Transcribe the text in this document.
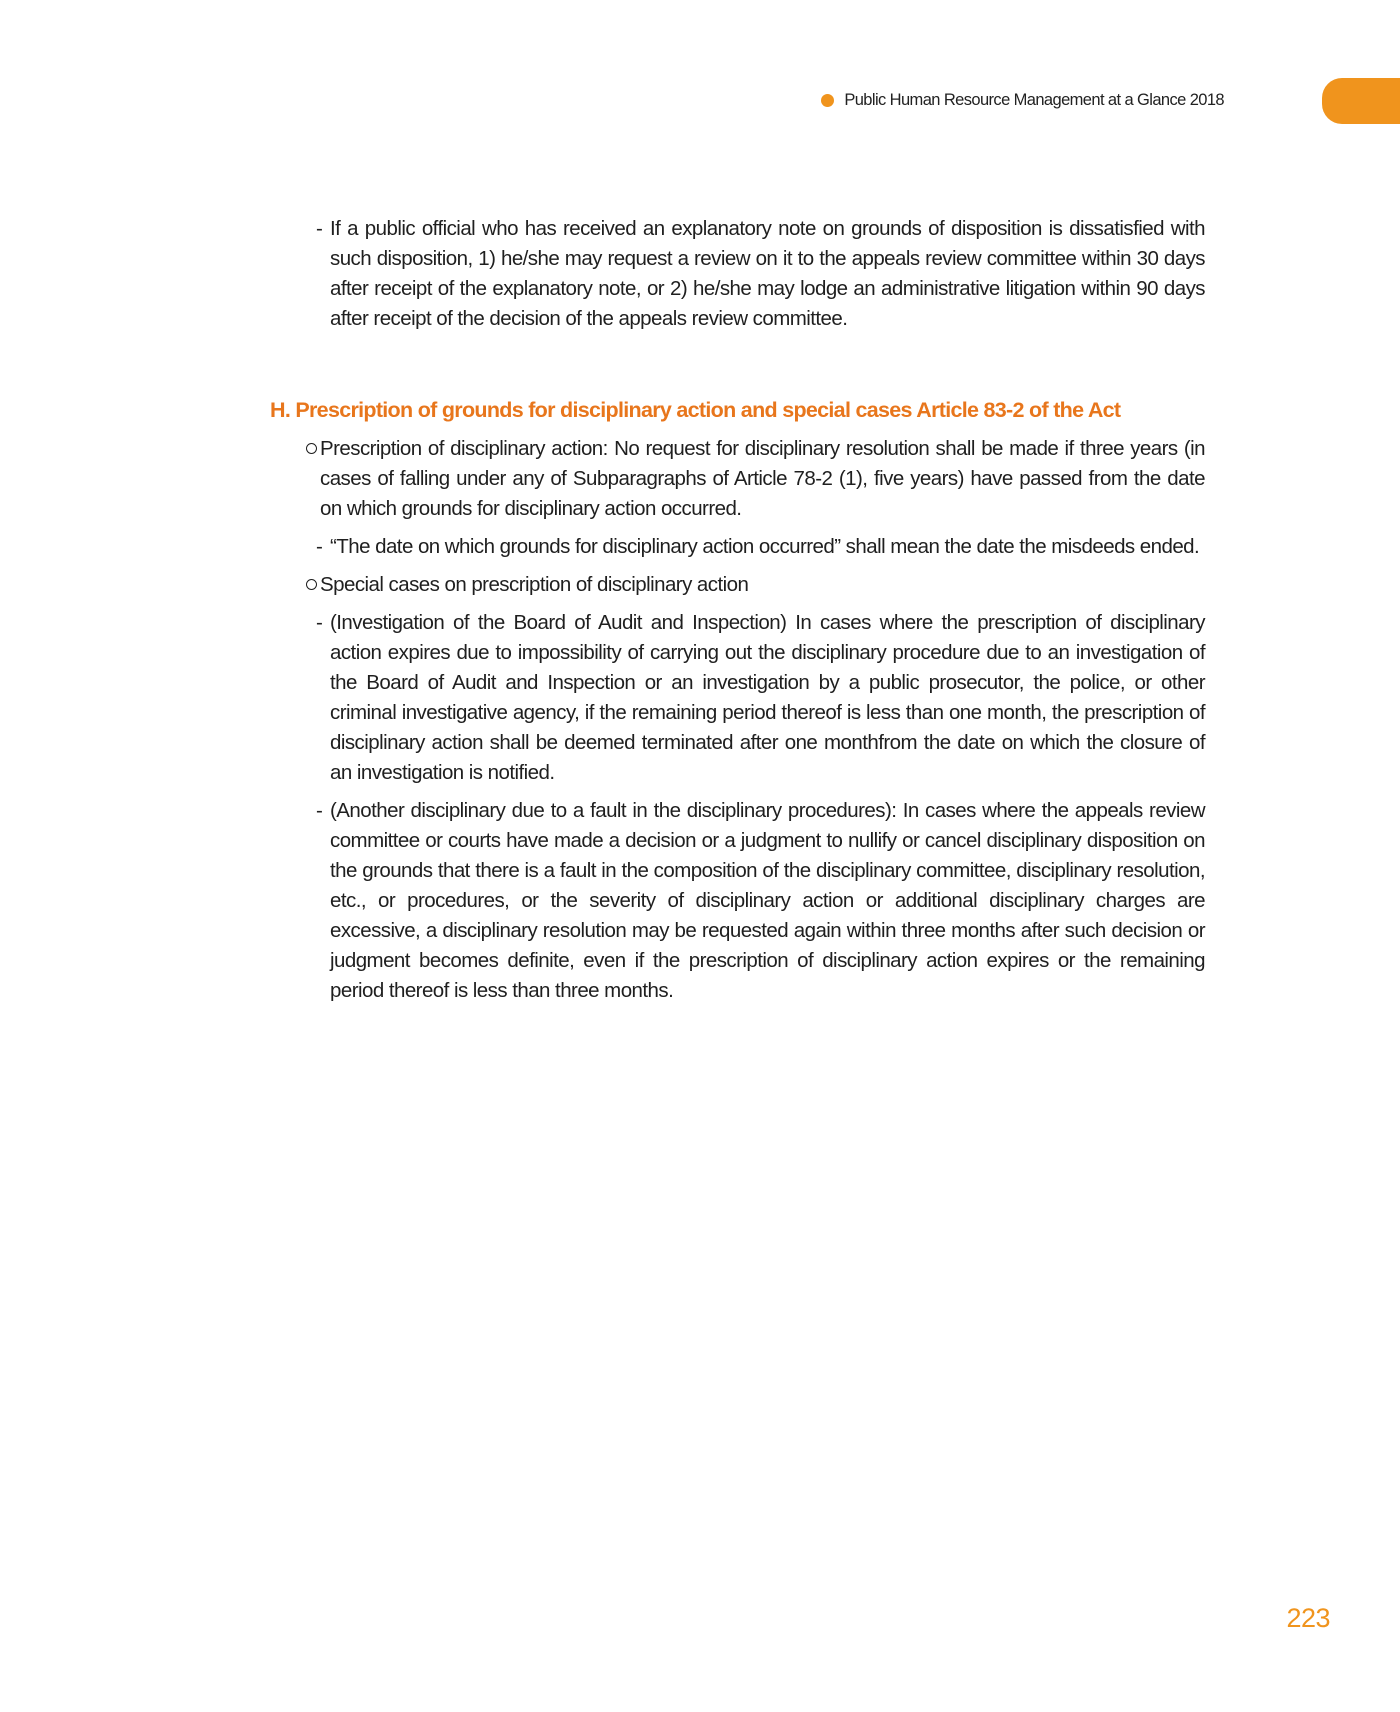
Public Human Resource Management at a Glance 2018

- If a public official who has received an explanatory note on grounds of disposition is dissatisfied with such disposition, 1) he/she may request a review on it to the appeals review committee within 30 days after receipt of the explanatory note, or 2) he/she may lodge an administrative litigation within 90 days after receipt of the decision of the appeals review committee.

H. Prescription of grounds for disciplinary action and special cases Article 83-2 of the Act

Prescription of disciplinary action: No request for disciplinary resolution shall be made if three years (in cases of falling under any of Subparagraphs of Article 78-2 (1), five years) have passed from the date on which grounds for disciplinary action occurred.

- “The date on which grounds for disciplinary action occurred” shall mean the date the misdeeds ended.

Special cases on prescription of disciplinary action

- (Investigation of the Board of Audit and Inspection) In cases where the prescription of disciplinary action expires due to impossibility of carrying out the disciplinary procedure due to an investigation of the Board of Audit and Inspection or an investigation by a public prosecutor, the police, or other criminal investigative agency, if the remaining period thereof is less than one month, the prescription of disciplinary action shall be deemed terminated after one monthfrom the date on which the closure of an investigation is notified.

- (Another disciplinary due to a fault in the disciplinary procedures): In cases where the appeals review committee or courts have made a decision or a judgment to nullify or cancel disciplinary disposition on the grounds that there is a fault in the composition of the disciplinary committee, disciplinary resolution, etc., or procedures, or the severity of disciplinary action or additional disciplinary charges are excessive, a disciplinary resolution may be requested again within three months after such decision or judgment becomes definite, even if the prescription of disciplinary action expires or the remaining period thereof is less than three months.

223
